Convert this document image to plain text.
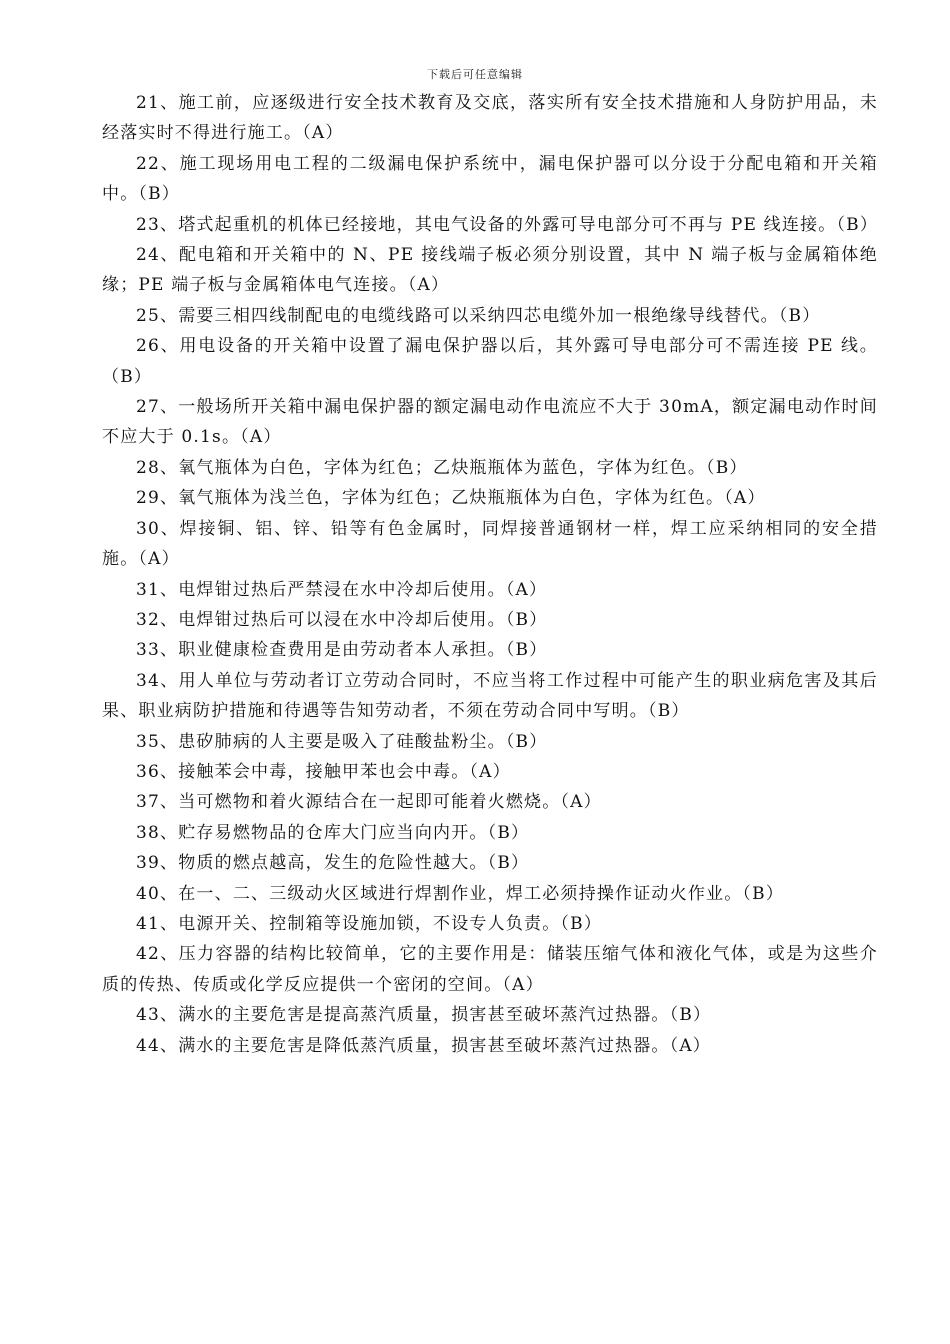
下载后可任意编辑

21、施工前，应逐级进行安全技术教育及交底，落实所有安全技术措施和人身防护用品，未经落实时不得进行施工。（A）

22、施工现场用电工程的二级漏电保护系统中，漏电保护器可以分设于分配电箱和开关箱中。（B）

23、塔式起重机的机体已经接地，其电气设备的外露可导电部分可不再与 PE 线连接。（B）

24、配电箱和开关箱中的 N、PE 接线端子板必须分别设置，其中 N 端子板与金属箱体绝缘；PE 端子板与金属箱体电气连接。（A）

25、需要三相四线制配电的电缆线路可以采纳四芯电缆外加一根绝缘导线替代。（B）

26、用电设备的开关箱中设置了漏电保护器以后，其外露可导电部分可不需连接 PE 线。（B）

27、一般场所开关箱中漏电保护器的额定漏电动作电流应不大于 30mA，额定漏电动作时间不应大于 0.1s。（A）

28、氧气瓶体为白色，字体为红色；乙炔瓶瓶体为蓝色，字体为红色。（B）

29、氧气瓶体为浅兰色，字体为红色；乙炔瓶瓶体为白色，字体为红色。（A）

30、焊接铜、铝、锌、铅等有色金属时，同焊接普通钢材一样，焊工应采纳相同的安全措施。（A）

31、电焊钳过热后严禁浸在水中冷却后使用。（A）

32、电焊钳过热后可以浸在水中冷却后使用。（B）

33、职业健康检查费用是由劳动者本人承担。（B）

34、用人单位与劳动者订立劳动合同时，不应当将工作过程中可能产生的职业病危害及其后果、职业病防护措施和待遇等告知劳动者，不须在劳动合同中写明。（B）

35、患矽肺病的人主要是吸入了硅酸盐粉尘。（B）

36、接触苯会中毒，接触甲苯也会中毒。（A）

37、当可燃物和着火源结合在一起即可能着火燃烧。（A）

38、贮存易燃物品的仓库大门应当向内开。（B）

39、物质的燃点越高，发生的危险性越大。（B）

40、在一、二、三级动火区域进行焊割作业，焊工必须持操作证动火作业。（B）

41、电源开关、控制箱等设施加锁，不设专人负责。（B）

42、压力容器的结构比较简单，它的主要作用是：储装压缩气体和液化气体，或是为这些介质的传热、传质或化学反应提供一个密闭的空间。（A）

43、满水的主要危害是提高蒸汽质量，损害甚至破坏蒸汽过热器。（B）

44、满水的主要危害是降低蒸汽质量，损害甚至破坏蒸汽过热器。（A）
